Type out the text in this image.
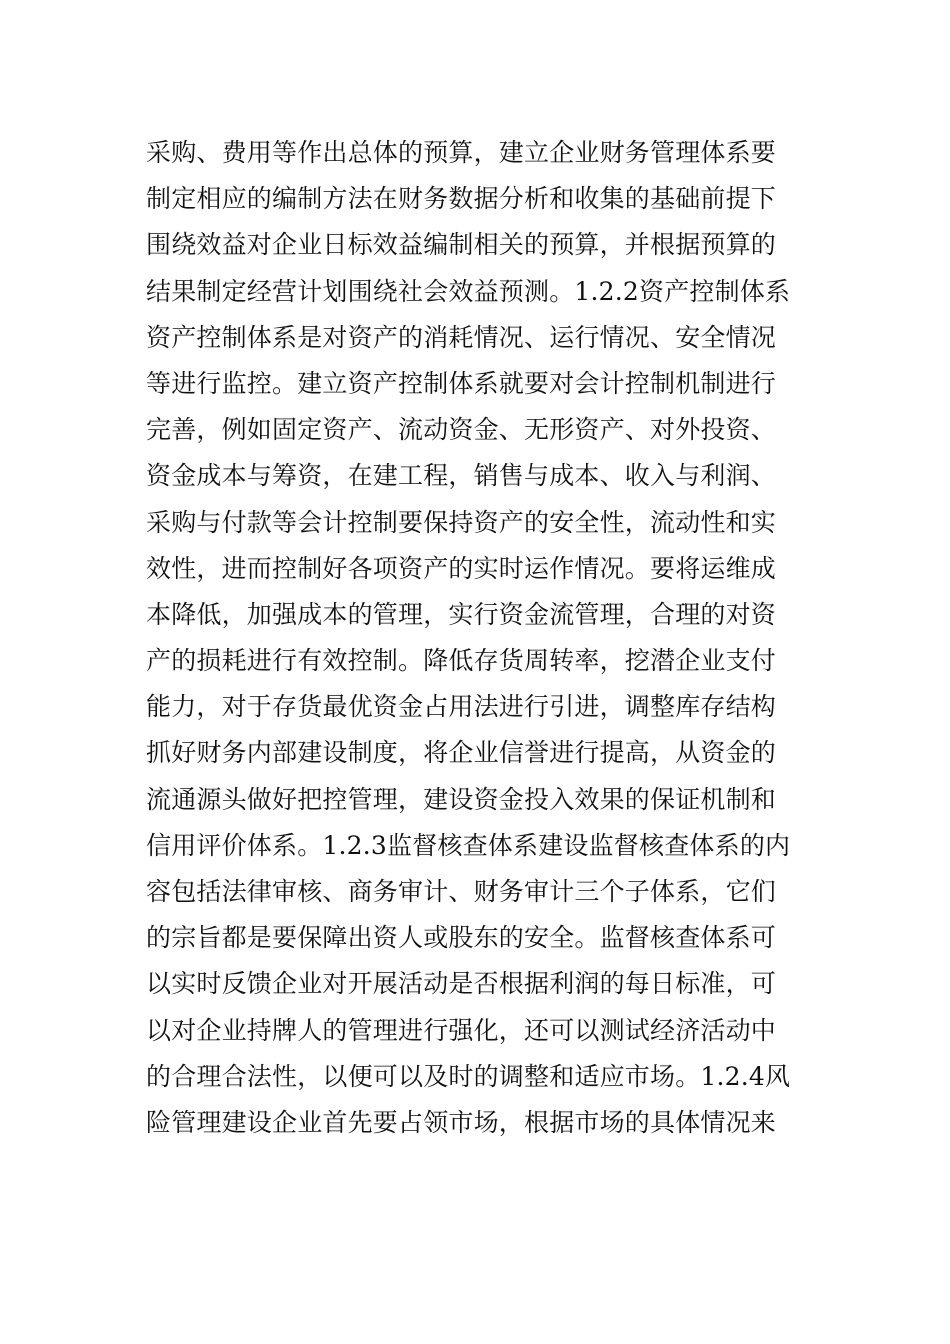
采购、费用等作出总体的预算，建立企业财务管理体系要
制定相应的编制方法在财务数据分析和收集的基础前提下
围绕效益对企业日标效益编制相关的预算，并根据预算的
结果制定经营计划围绕社会效益预测。1.2.2资产控制体系
资产控制体系是对资产的消耗情况、运行情况、安全情况
等进行监控。建立资产控制体系就要对会计控制机制进行
完善，例如固定资产、流动资金、无形资产、对外投资、
资金成本与筹资，在建工程，销售与成本、收入与利润、
采购与付款等会计控制要保持资产的安全性，流动性和实
效性，进而控制好各项资产的实时运作情况。要将运维成
本降低，加强成本的管理，实行资金流管理，合理的对资
产的损耗进行有效控制。降低存货周转率，挖潜企业支付
能力，对于存货最优资金占用法进行引进，调整库存结构
抓好财务内部建设制度，将企业信誉进行提高，从资金的
流通源头做好把控管理，建设资金投入效果的保证机制和
信用评价体系。1.2.3监督核查体系建设监督核查体系的内
容包括法律审核、商务审计、财务审计三个子体系，它们
的宗旨都是要保障出资人或股东的安全。监督核查体系可
以实时反馈企业对开展活动是否根据利润的每日标准，可
以对企业持牌人的管理进行强化，还可以测试经济活动中
的合理合法性，以便可以及时的调整和适应市场。1.2.4风
险管理建设企业首先要占领市场，根据市场的具体情况来
